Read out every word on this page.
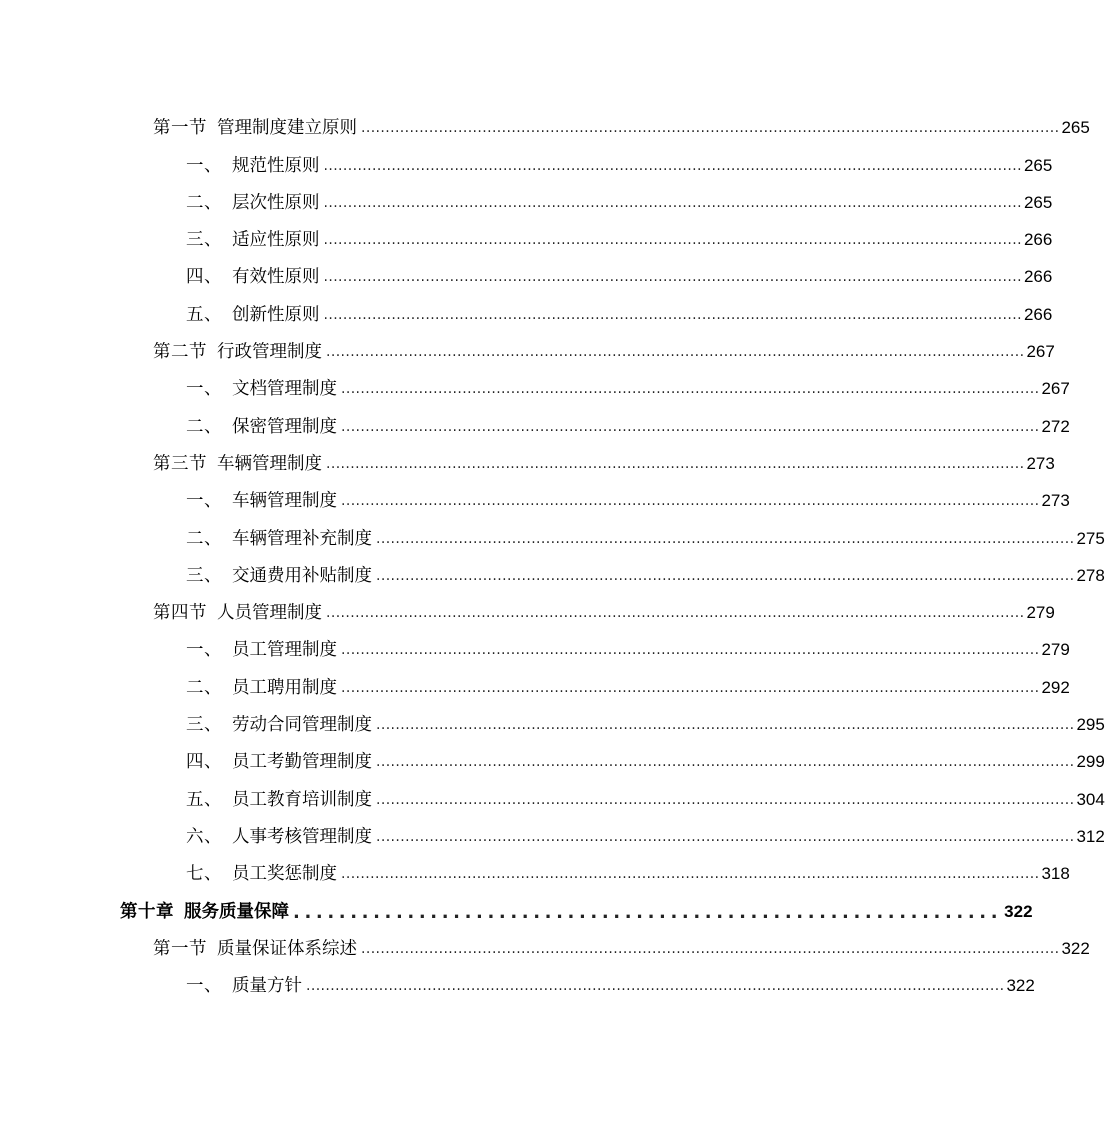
第一节 管理制度建立原则 ................................................................................................................................................ 265
一、 规范性原则 ................................................................................................................................................ 265
二、 层次性原则 ................................................................................................................................................ 265
三、 适应性原则 ................................................................................................................................................ 266
四、 有效性原则 ................................................................................................................................................ 266
五、 创新性原则 ................................................................................................................................................ 266
第二节 行政管理制度 ................................................................................................................................................ 267
一、 文档管理制度 ................................................................................................................................................ 267
二、 保密管理制度 ................................................................................................................................................ 272
第三节 车辆管理制度 ................................................................................................................................................ 273
一、 车辆管理制度 ................................................................................................................................................ 273
二、 车辆管理补充制度 ................................................................................................................................................ 275
三、 交通费用补贴制度 ................................................................................................................................................ 278
第四节 人员管理制度 ................................................................................................................................................ 279
一、 员工管理制度 ................................................................................................................................................ 279
二、 员工聘用制度 ................................................................................................................................................ 292
三、 劳动合同管理制度 ................................................................................................................................................ 295
四、 员工考勤管理制度 ................................................................................................................................................ 299
五、 员工教育培训制度 ................................................................................................................................................ 304
六、 人事考核管理制度 ................................................................................................................................................ 312
七、 员工奖惩制度 ................................................................................................................................................ 318
第十章 服务质量保障 .............................................................. 322
第一节 质量保证体系综述 ................................................................................................................................................ 322
一、 质量方针 ................................................................................................................................................ 322
